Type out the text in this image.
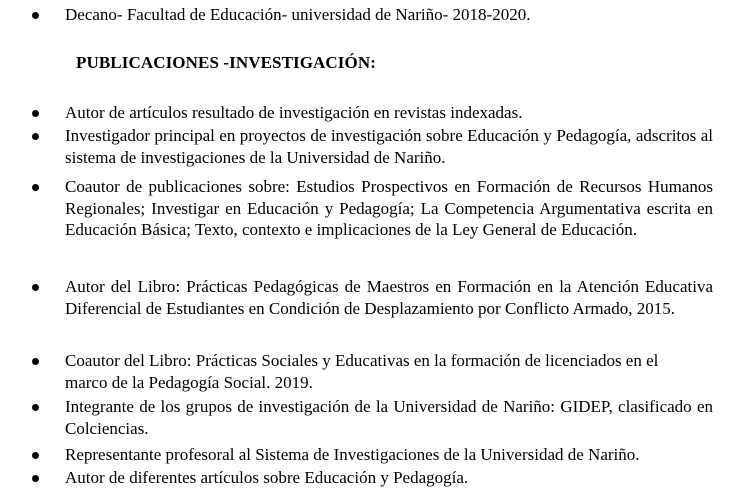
Decano- Facultad de Educación- universidad de Nariño- 2018-2020.
PUBLICACIONES -INVESTIGACIÓN:
Autor de artículos resultado de investigación en revistas indexadas.
Investigador principal en proyectos de investigación sobre Educación y Pedagogía, adscritos al sistema de investigaciones de la Universidad de Nariño.
Coautor de publicaciones sobre: Estudios Prospectivos en Formación de Recursos Humanos Regionales; Investigar en Educación y Pedagogía; La Competencia Argumentativa escrita en Educación Básica; Texto, contexto e implicaciones de la Ley General de Educación.
Autor del Libro: Prácticas Pedagógicas de Maestros en Formación en la Atención Educativa Diferencial de Estudiantes en Condición de Desplazamiento por Conflicto Armado, 2015.
Coautor del Libro: Prácticas Sociales y Educativas en la formación de licenciados en el marco de la Pedagogía Social. 2019.
Integrante de los grupos de investigación de la Universidad de Nariño: GIDEP, clasificado en Colciencias.
Representante profesoral al Sistema de Investigaciones de la Universidad de Nariño.
Autor de diferentes artículos sobre Educación y Pedagogía.
